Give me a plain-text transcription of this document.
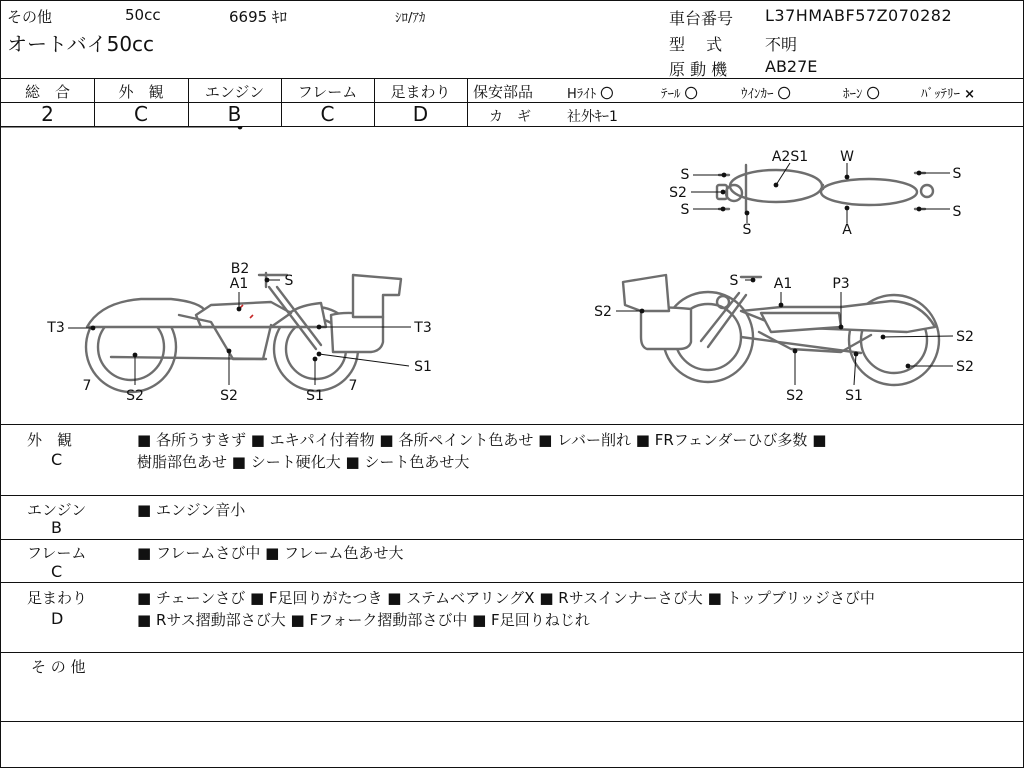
その他	50cc	6695 ｷﾛ	ｼﾛ/ｱｶ
オートバイ50cc
車台番号 L37HMABF57Z070282
型　 式	不明
原 動 機 AB27E
総　合
2
外　観
C
エンジン
B
フレーム
C
足まわり
D
保安部品	Hﾗｲﾄ 〇	ﾃｰﾙ 〇	ｳｲﾝｶｰ 〇	ﾎｰﾝ 〇	ﾊﾞｯﾃﾘｰ ×
カ　ギ	社外ｷｰ1
A2S1 W
S
S2
S
S	A
S
S
B2
A1	S
T3	T3
S1
7	7
S2	S2	S1
S	A1	P3
S2
S2
S2
S2	S1
外　観
C
■ 各所うすきず ■ エキパイ付着物 ■ 各所ペイント色あせ ■ レバー削れ ■ FRフェンダーひび多数 ■
樹脂部色あせ ■ シート硬化大 ■ シート色あせ大
エンジン
B
■ エンジン音小
フレーム
C
■ フレームさび中 ■ フレーム色あせ大
足まわり
D
■ チェーンさび ■ F足回りがたつき ■ ステムベアリングX ■ Rサスインナーさび大 ■ トップブリッジさび中
■ Rサス摺動部さび大 ■ Fフォーク摺動部さび中 ■ F足回りねじれ
そ の 他
